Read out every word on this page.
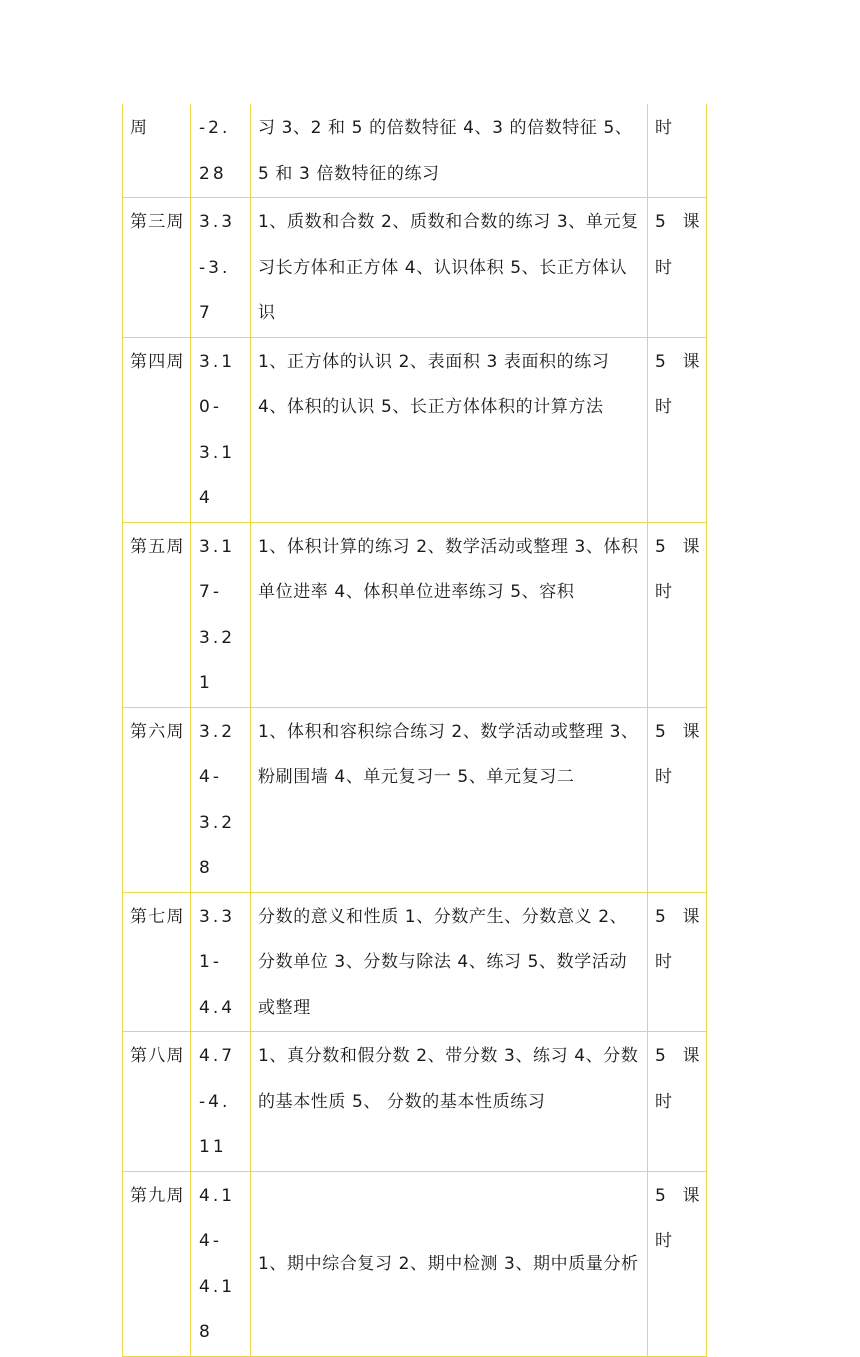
周	-2.28	习 3、2 和 5 的倍数特征 4、3 的倍数特征 5、5 和 3 倍数特征的练习	时
第三周	3.3-3.7	1、质数和合数 2、质数和合数的练习 3、单元复习长方体和正方体 4、认识体积 5、长正方体认识	5 课时
第四周	3.10-3.14	1、正方体的认识 2、表面积 3 表面积的练习 4、体积的认识 5、长正方体体积的计算方法	5 课时
第五周	3.17-3.21	1、体积计算的练习 2、数学活动或整理 3、体积单位进率 4、体积单位进率练习 5、容积	5 课时
第六周	3.24-3.28	1、体积和容积综合练习 2、数学活动或整理 3、粉刷围墙 4、单元复习一 5、单元复习二	5 课时
第七周	3.31-4.4	分数的意义和性质 1、分数产生、分数意义 2、分数单位 3、分数与除法 4、练习 5、数学活动或整理	5 课时
第八周	4.7-4.11	1、真分数和假分数 2、带分数 3、练习 4、分数的基本性质 5、 分数的基本性质练习	5 课时
第九周	4.14-4.18	1、期中综合复习 2、期中检测 3、期中质量分析	5 课时
